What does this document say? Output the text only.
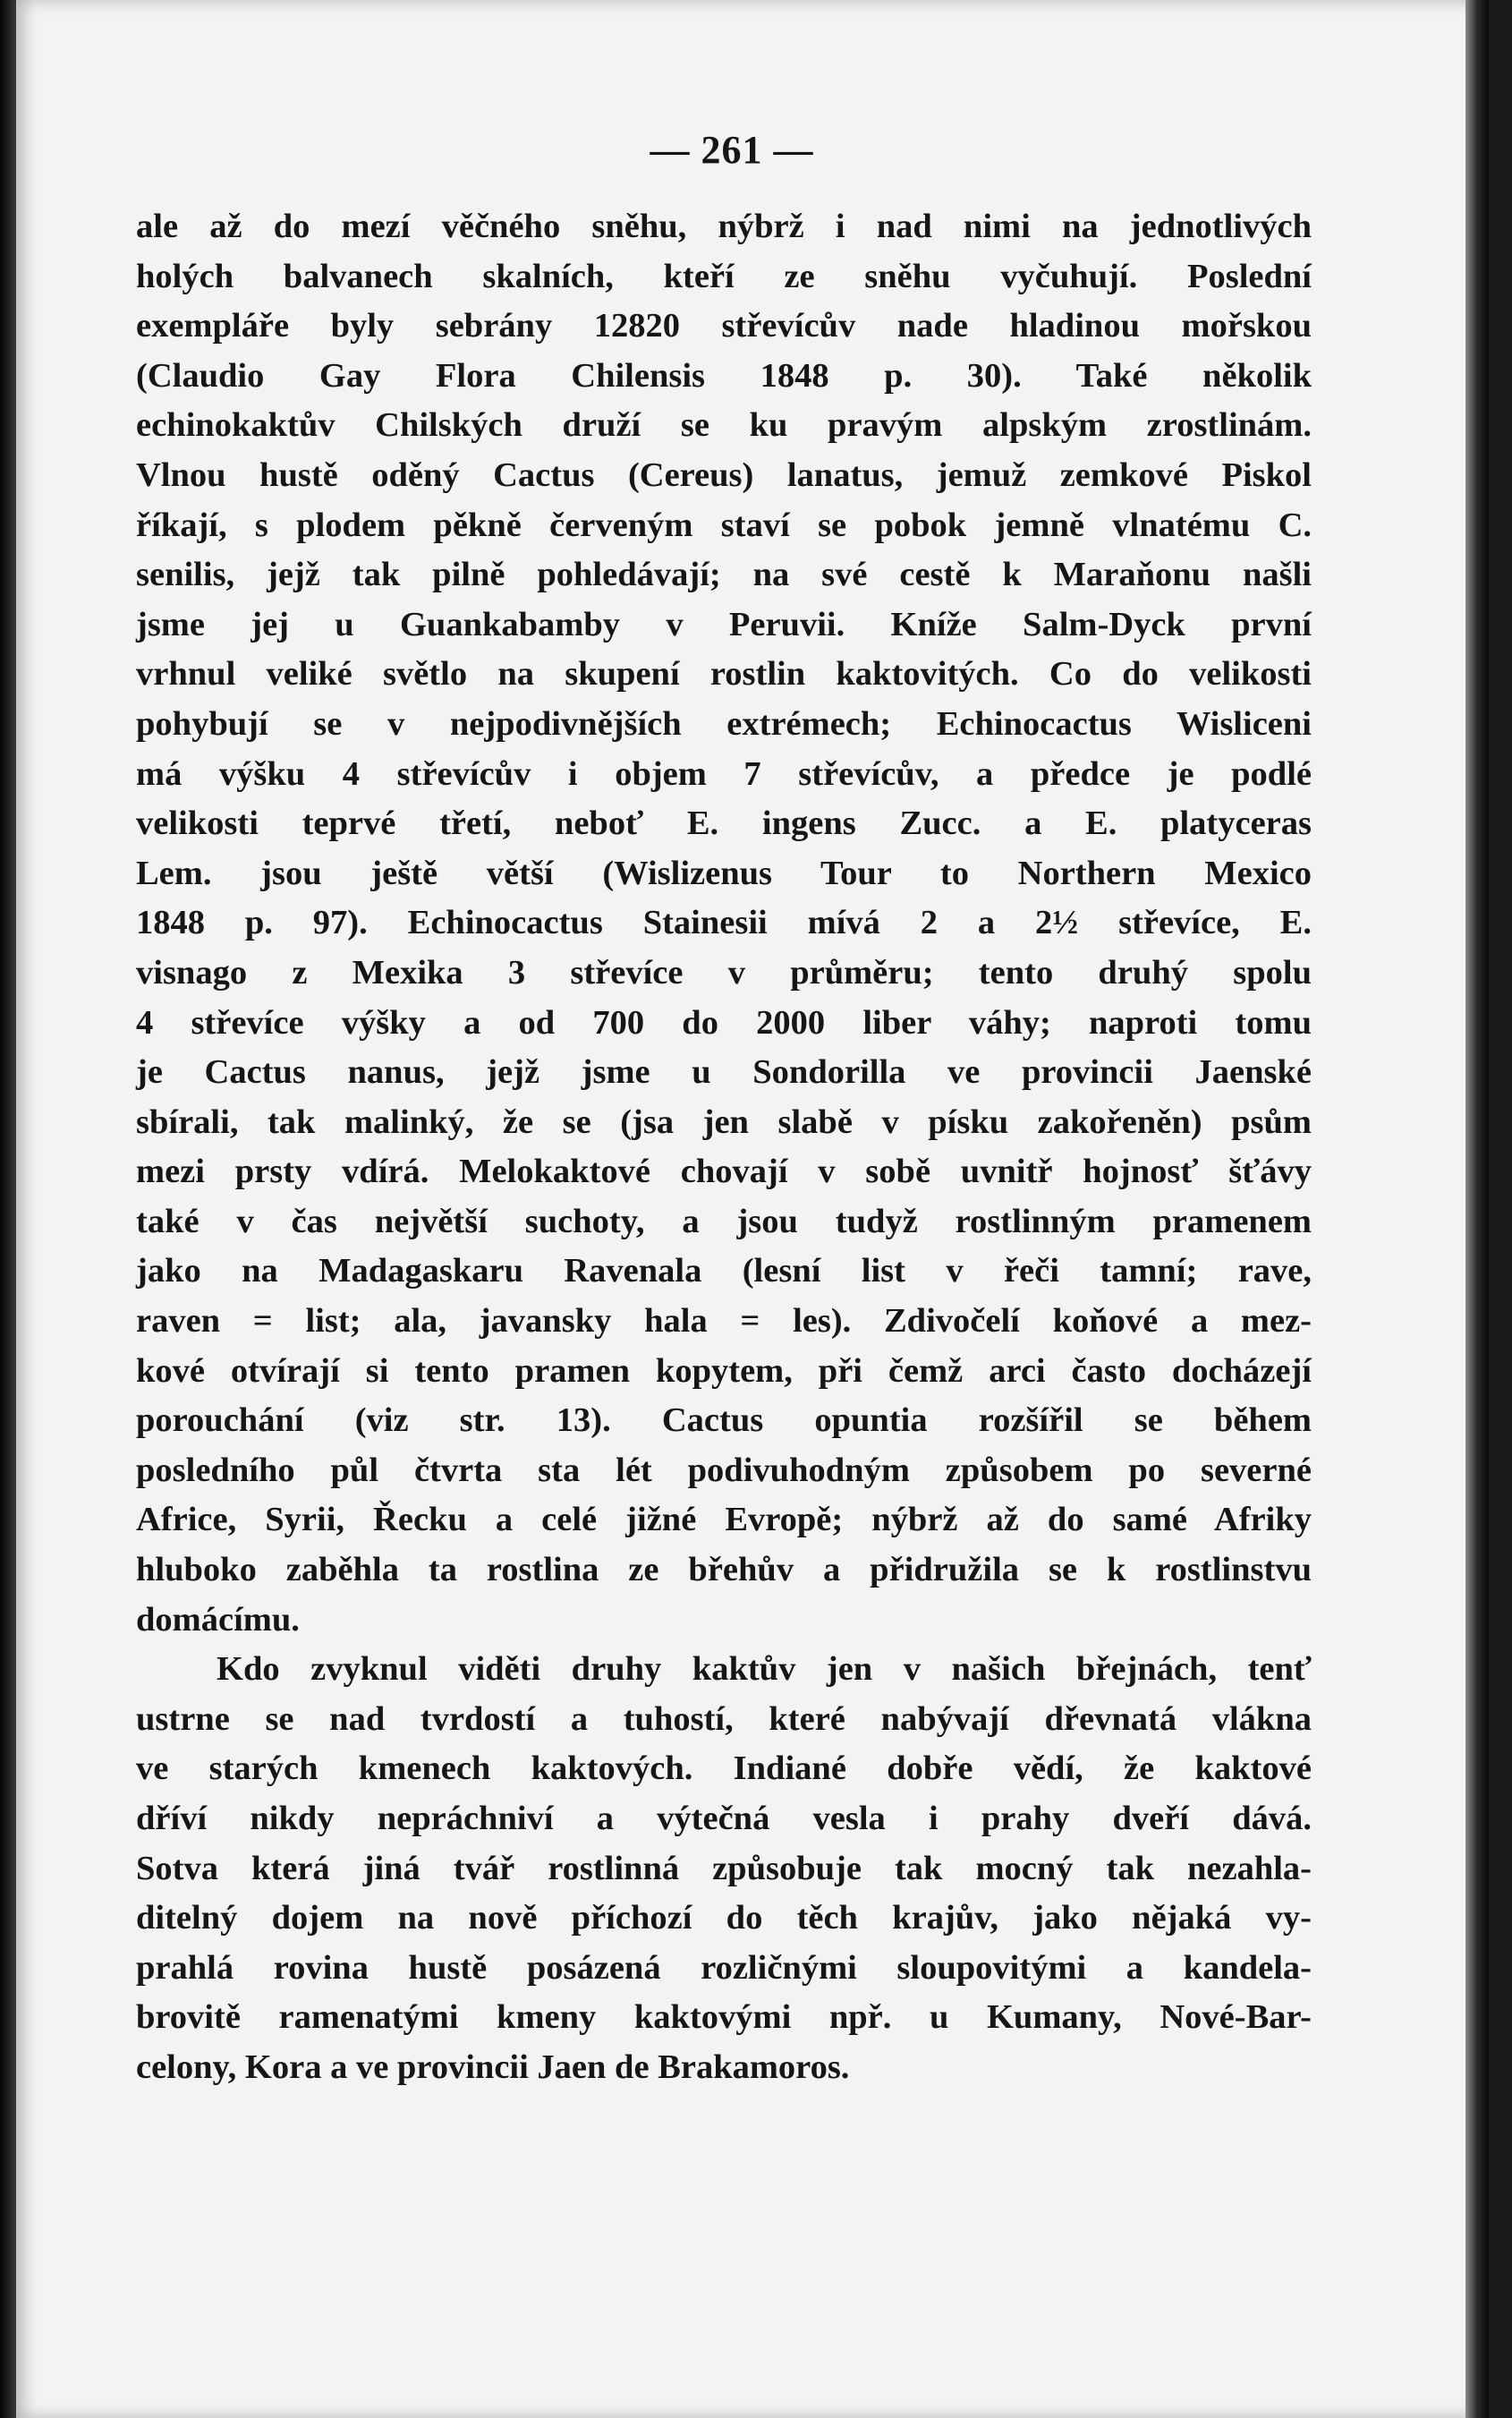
— 261 —
ale až do mezí věčného sněhu, nýbrž i nad nimi na jednotlivých
holých balvanech skalních, kteří ze sněhu vyčuhují. Poslední
exempláře byly sebrány 12820 střevícův nade hladinou mořskou
(Claudio Gay Flora Chilensis 1848 p. 30). Také několik
echinokaktův Chilských druží se ku pravým alpským zrostlinám.
Vlnou hustě oděný Cactus (Cereus) lanatus, jemuž zemkové Piskol
říkají, s plodem pěkně červeným staví se pobok jemně vlnatému C.
senilis, jejž tak pilně pohledávají; na své cestě k Maraňonu našli
jsme jej u Guankabamby v Peruvii. Kníže Salm-Dyck první
vrhnul veliké světlo na skupení rostlin kaktovitých. Co do velikosti
pohybují se v nejpodivnějších extrémech; Echinocactus Wisliceni
má výšku 4 střevícův i objem 7 střevícův, a předce je podlé
velikosti teprvé třetí, neboť E. ingens Zucc. a E. platyceras
Lem. jsou ještě větší (Wislizenus Tour to Northern Mexico
1848 p. 97). Echinocactus Stainesii mívá 2 a 2½ střevíce, E.
visnago z Mexika 3 střevíce v průměru; tento druhý spolu
4 střevíce výšky a od 700 do 2000 liber váhy; naproti tomu
je Cactus nanus, jejž jsme u Sondorilla ve provincii Jaenské
sbírali, tak malinký, že se (jsa jen slabě v písku zakořeněn) psům
mezi prsty vdírá. Melokaktové chovají v sobě uvnitř hojnosť šťávy
také v čas největší suchoty, a jsou tudyž rostlinným pramenem
jako na Madagaskaru Ravenala (lesní list v řeči tamní; rave,
raven = list; ala, javansky hala = les). Zdivočelí koňové a mez-
kové otvírají si tento pramen kopytem, při čemž arci často docházejí
porouchání (viz str. 13). Cactus opuntia rozšířil se během
posledního půl čtvrta sta lét podivuhodným způsobem po severné
Africe, Syrii, Řecku a celé jižné Evropě; nýbrž až do samé Afriky
hluboko zaběhla ta rostlina ze břehův a přidružila se k rostlinstvu
domácímu.
Kdo zvyknul viděti druhy kaktův jen v našich břejnách, tenť
ustrne se nad tvrdostí a tuhostí, které nabývají dřevnatá vlákna
ve starých kmenech kaktových. Indiané dobře vědí, že kaktové
dříví nikdy nepráchniví a výtečná vesla i prahy dveří dává.
Sotva která jiná tvář rostlinná způsobuje tak mocný tak nezahla-
ditelný dojem na nově příchozí do těch krajův, jako nějaká vy-
prahlá rovina hustě posázená rozličnými sloupovitými a kandela-
brovitě ramenatými kmeny kaktovými npř. u Kumany, Nové-Bar-
celony, Kora a ve provincii Jaen de Brakamoros.
